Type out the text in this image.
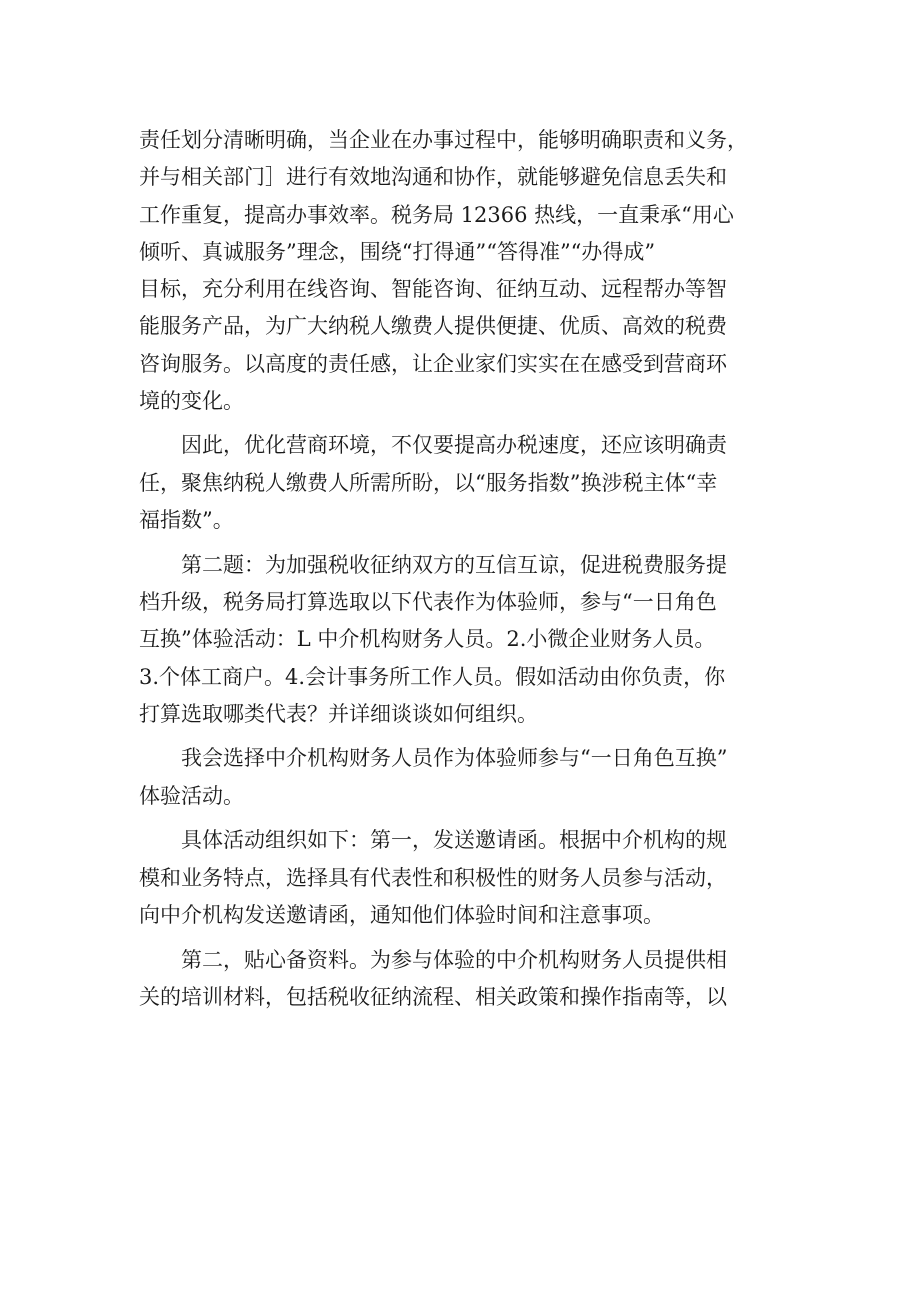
责任划分清晰明确，当企业在办事过程中，能够明确职责和义务，
并与相关部门］进行有效地沟通和协作，就能够避免信息丢失和
工作重复，提高办事效率。税务局 12366 热线，一直秉承“用心
倾听、真诚服务”理念，围绕“打得通”“答得准”“办得成”
目标，充分利用在线咨询、智能咨询、征纳互动、远程帮办等智
能服务产品，为广大纳税人缴费人提供便捷、优质、高效的税费
咨询服务。以高度的责任感，让企业家们实实在在感受到营商环
境的变化。

　　因此，优化营商环境，不仅要提高办税速度，还应该明确责
任，聚焦纳税人缴费人所需所盼，以“服务指数”换涉税主体“幸
福指数”。

　　第二题：为加强税收征纳双方的互信互谅，促进税费服务提
档升级，税务局打算选取以下代表作为体验师，参与“一日角色
互换”体验活动：L 中介机构财务人员。2.小微企业财务人员。
3.个体工商户。4.会计事务所工作人员。假如活动由你负责，你
打算选取哪类代表？并详细谈谈如何组织。

　　我会选择中介机构财务人员作为体验师参与“一日角色互换”
体验活动。

　　具体活动组织如下：第一，发送邀请函。根据中介机构的规
模和业务特点，选择具有代表性和积极性的财务人员参与活动，
向中介机构发送邀请函，通知他们体验时间和注意事项。

　　第二，贴心备资料。为参与体验的中介机构财务人员提供相
关的培训材料，包括税收征纳流程、相关政策和操作指南等，以
